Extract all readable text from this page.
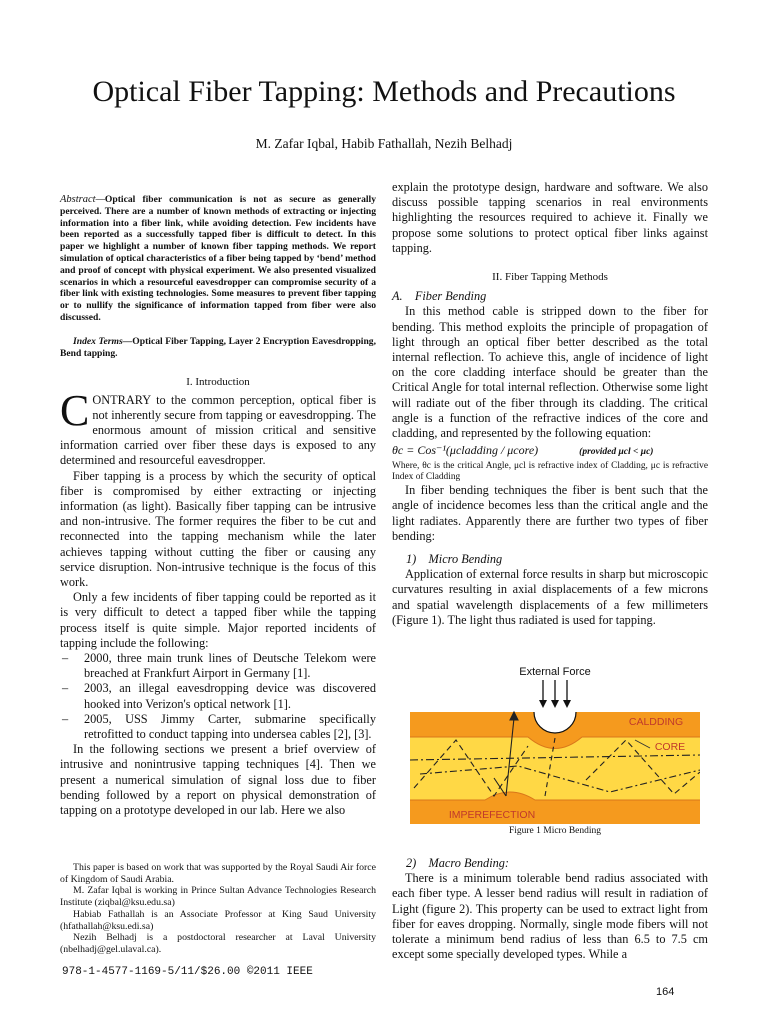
Optical Fiber Tapping: Methods and Precautions
M. Zafar Iqbal, Habib Fathallah, Nezih Belhadj

Abstract—Optical fiber communication is not as secure as generally perceived. There are a number of known methods of extracting or injecting information into a fiber link, while avoiding detection. Few incidents have been reported as a successfully tapped fiber is difficult to detect. In this paper we highlight a number of known fiber tapping methods. We report simulation of optical characteristics of a fiber being tapped by ‘bend’ method and proof of concept with physical experiment. We also presented visualized scenarios in which a resourceful eavesdropper can compromise security of a fiber link with existing technologies. Some measures to prevent fiber tapping or to nullify the significance of information tapped from fiber were also discussed.

Index Terms—Optical Fiber Tapping, Layer 2 Encryption Eavesdropping, Bend tapping.

I. Introduction

CONTRARY to the common perception, optical fiber is not inherently secure from tapping or eavesdropping. The enormous amount of mission critical and sensitive information carried over fiber these days is exposed to any determined and resourceful eavesdropper.

Fiber tapping is a process by which the security of optical fiber is compromised by either extracting or injecting information (as light). Basically fiber tapping can be intrusive and non-intrusive. The former requires the fiber to be cut and reconnected into the tapping mechanism while the later achieves tapping without cutting the fiber or causing any service disruption. Non-intrusive technique is the focus of this work.

Only a few incidents of fiber tapping could be reported as it is very difficult to detect a tapped fiber while the tapping process itself is quite simple. Major reported incidents of tapping include the following:

– 2000, three main trunk lines of Deutsche Telekom were breached at Frankfurt Airport in Germany [1].
– 2003, an illegal eavesdropping device was discovered hooked into Verizon's optical network [1].
– 2005, USS Jimmy Carter, submarine specifically retrofitted to conduct tapping into undersea cables [2], [3].

In the following sections we present a brief overview of intrusive and nonintrusive tapping techniques [4]. Then we present a numerical simulation of signal loss due to fiber bending followed by a report on physical demonstration of tapping on a prototype developed in our lab. Here we also

This paper is based on work that was supported by the Royal Saudi Air force of Kingdom of Saudi Arabia.

M. Zafar Iqbal is working in Prince Sultan Advance Technologies Research Institute (ziqbal@ksu.edu.sa)

Habiab Fathallah is an Associate Professor at King Saud University (hfathallah@ksu.edi.sa)

Nezih Belhadj is a postdoctoral researcher at Laval University (nbelhadj@gel.ulaval.ca).

978-1-4577-1169-5/11/$26.00 ©2011 IEEE

explain the prototype design, hardware and software. We also discuss possible tapping scenarios in real environments highlighting the resources required to achieve it. Finally we propose some solutions to protect optical fiber links against tapping.

II. Fiber Tapping Methods

A. Fiber Bending

In this method cable is stripped down to the fiber for bending. This method exploits the principle of propagation of light through an optical fiber better described as the total internal reflection. To achieve this, angle of incidence of light on the core cladding interface should be greater than the Critical Angle for total internal reflection. Otherwise some light will radiate out of the fiber through its cladding. The critical angle is a function of the refractive indices of the core and cladding, and represented by the following equation:

θc = Cos⁻¹(μcladding / μcore)	(provided μcl < μc)
Where, θc is the critical Angle, μcl is refractive index of Cladding, μc is refractive Index of Cladding

In fiber bending techniques the fiber is bent such that the angle of incidence becomes less than the critical angle and the light radiates. Apparently there are further two types of fiber bending:

1) Micro Bending

Application of external force results in sharp but microscopic curvatures resulting in axial displacements of a few microns and spatial wavelength displacements of a few millimeters (Figure 1). The light thus radiated is used for tapping.

External Force
CALDDING
CORE
IMPEREFECTION
Figure 1 Micro Bending

2) Macro Bending:

There is a minimum tolerable bend radius associated with each fiber type. A lesser bend radius will result in radiation of Light (figure 2). This property can be used to extract light from fiber for eaves dropping. Normally, single mode fibers will not tolerate a minimum bend radius of less than 6.5 to 7.5 cm except some specially developed types. While a

164
